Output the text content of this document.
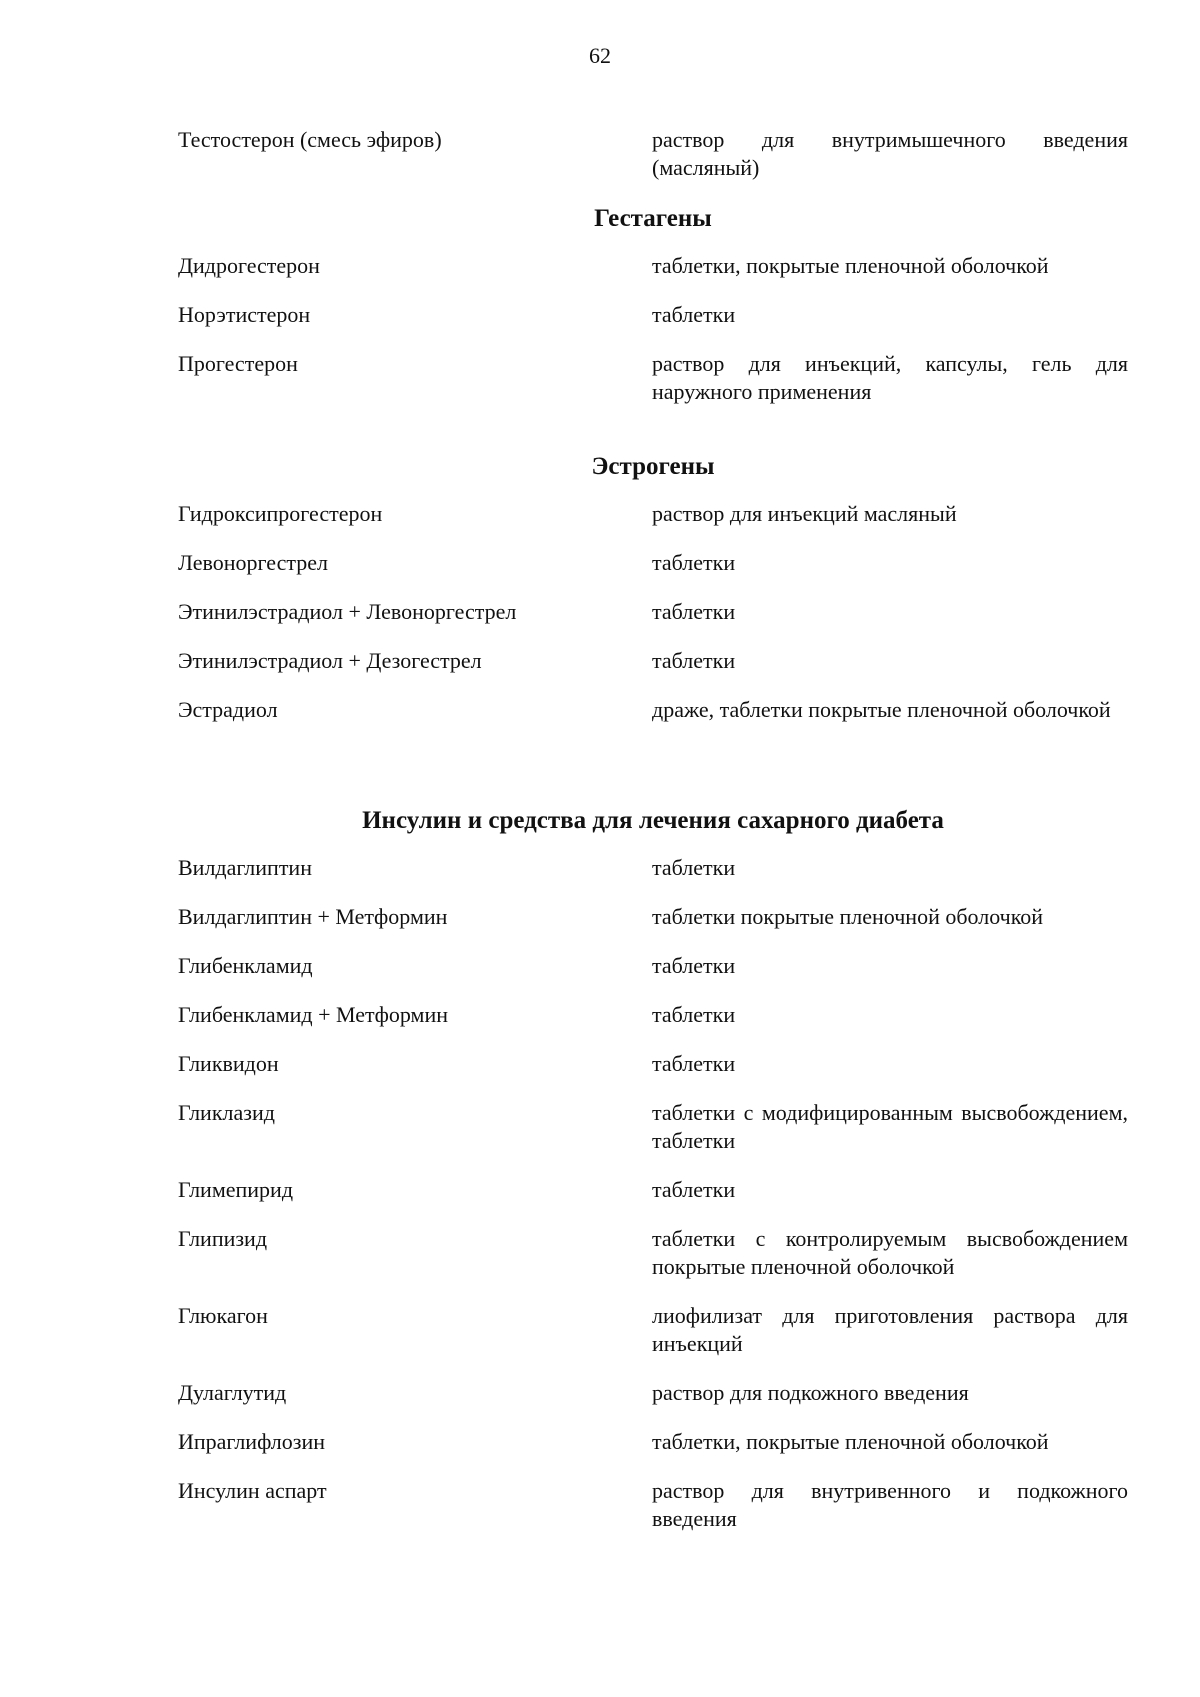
62
Тестостерон (смесь эфиров)	раствор для внутримышечного введения (масляный)
Гестагены
Дидрогестерон	таблетки, покрытые пленочной оболочкой
Норэтистерон	таблетки
Прогестерон	раствор для инъекций, капсулы, гель для наружного применения
Эстрогены
Гидроксипрогестерон	раствор для инъекций масляный
Левоноргестрел	таблетки
Этинилэстрадиол + Левоноргестрел	таблетки
Этинилэстрадиол + Дезогестрел	таблетки
Эстрадиол	драже, таблетки покрытые пленочной оболочкой
Инсулин и средства для лечения сахарного диабета
Вилдаглиптин	таблетки
Вилдаглиптин + Метформин	таблетки покрытые пленочной оболочкой
Глибенкламид	таблетки
Глибенкламид + Метформин	таблетки
Гликвидон	таблетки
Гликлазид	таблетки с модифицированным высвобождением, таблетки
Глимепирид	таблетки
Глипизид	таблетки с контролируемым высвобождением покрытые пленочной оболочкой
Глюкагон	лиофилизат для приготовления раствора для инъекций
Дулаглутид	раствор для подкожного введения
Ипраглифлозин	таблетки, покрытые пленочной оболочкой
Инсулин аспарт	раствор для внутривенного и подкожного введения
